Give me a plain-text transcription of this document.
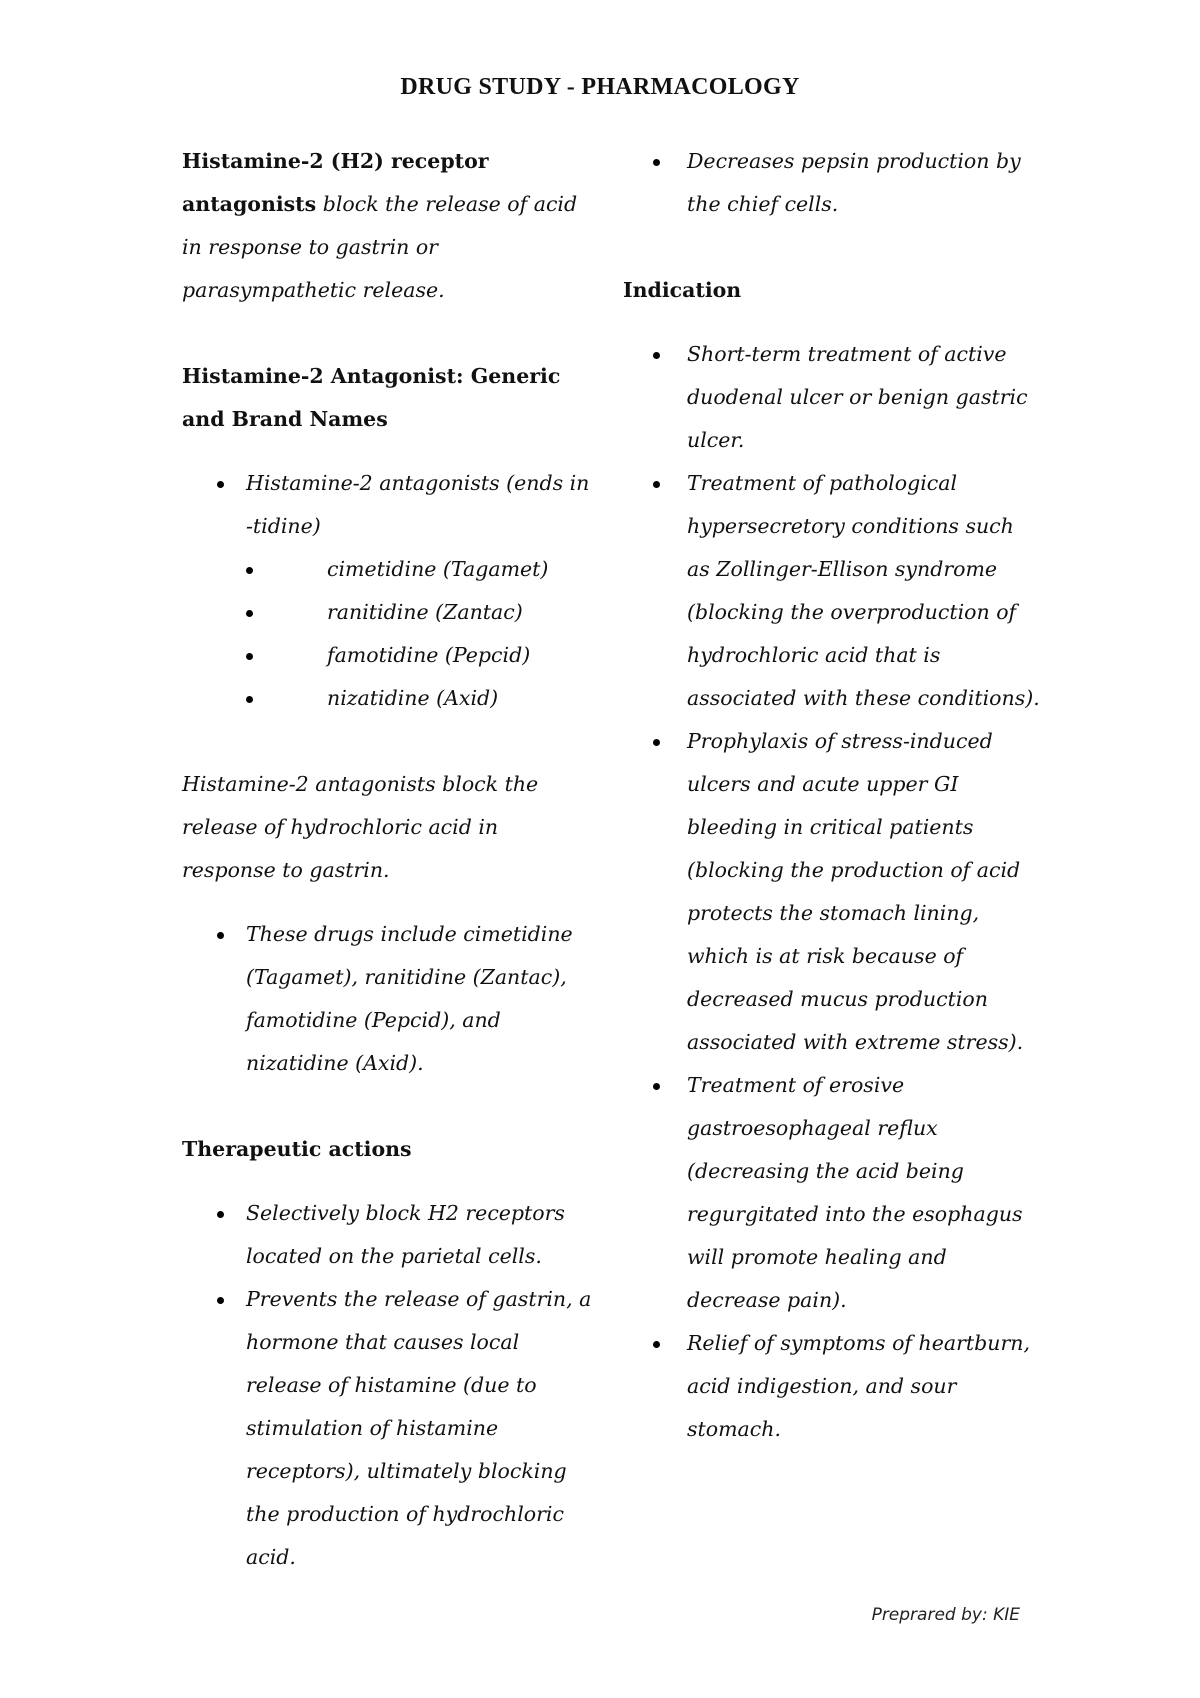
DRUG STUDY - PHARMACOLOGY

Histamine-2 (H2) receptor antagonists block the release of acid in response to gastrin or parasympathetic release.

Histamine-2 Antagonist: Generic and Brand Names

Histamine-2 antagonists (ends in -tidine)
cimetidine (Tagamet)
ranitidine (Zantac)
famotidine (Pepcid)
nizatidine (Axid)

Histamine-2 antagonists block the release of hydrochloric acid in response to gastrin.

These drugs include cimetidine (Tagamet), ranitidine (Zantac), famotidine (Pepcid), and nizatidine (Axid).

Therapeutic actions

Selectively block H2 receptors located on the parietal cells.
Prevents the release of gastrin, a hormone that causes local release of histamine (due to stimulation of histamine receptors), ultimately blocking the production of hydrochloric acid.
Decreases pepsin production by the chief cells.

Indication

Short-term treatment of active duodenal ulcer or benign gastric ulcer.
Treatment of pathological hypersecretory conditions such as Zollinger-Ellison syndrome (blocking the overproduction of hydrochloric acid that is associated with these conditions).
Prophylaxis of stress-induced ulcers and acute upper GI bleeding in critical patients (blocking the production of acid protects the stomach lining, which is at risk because of decreased mucus production associated with extreme stress).
Treatment of erosive gastroesophageal reflux (decreasing the acid being regurgitated into the esophagus will promote healing and decrease pain).
Relief of symptoms of heartburn, acid indigestion, and sour stomach.
Preprared by: KIE
